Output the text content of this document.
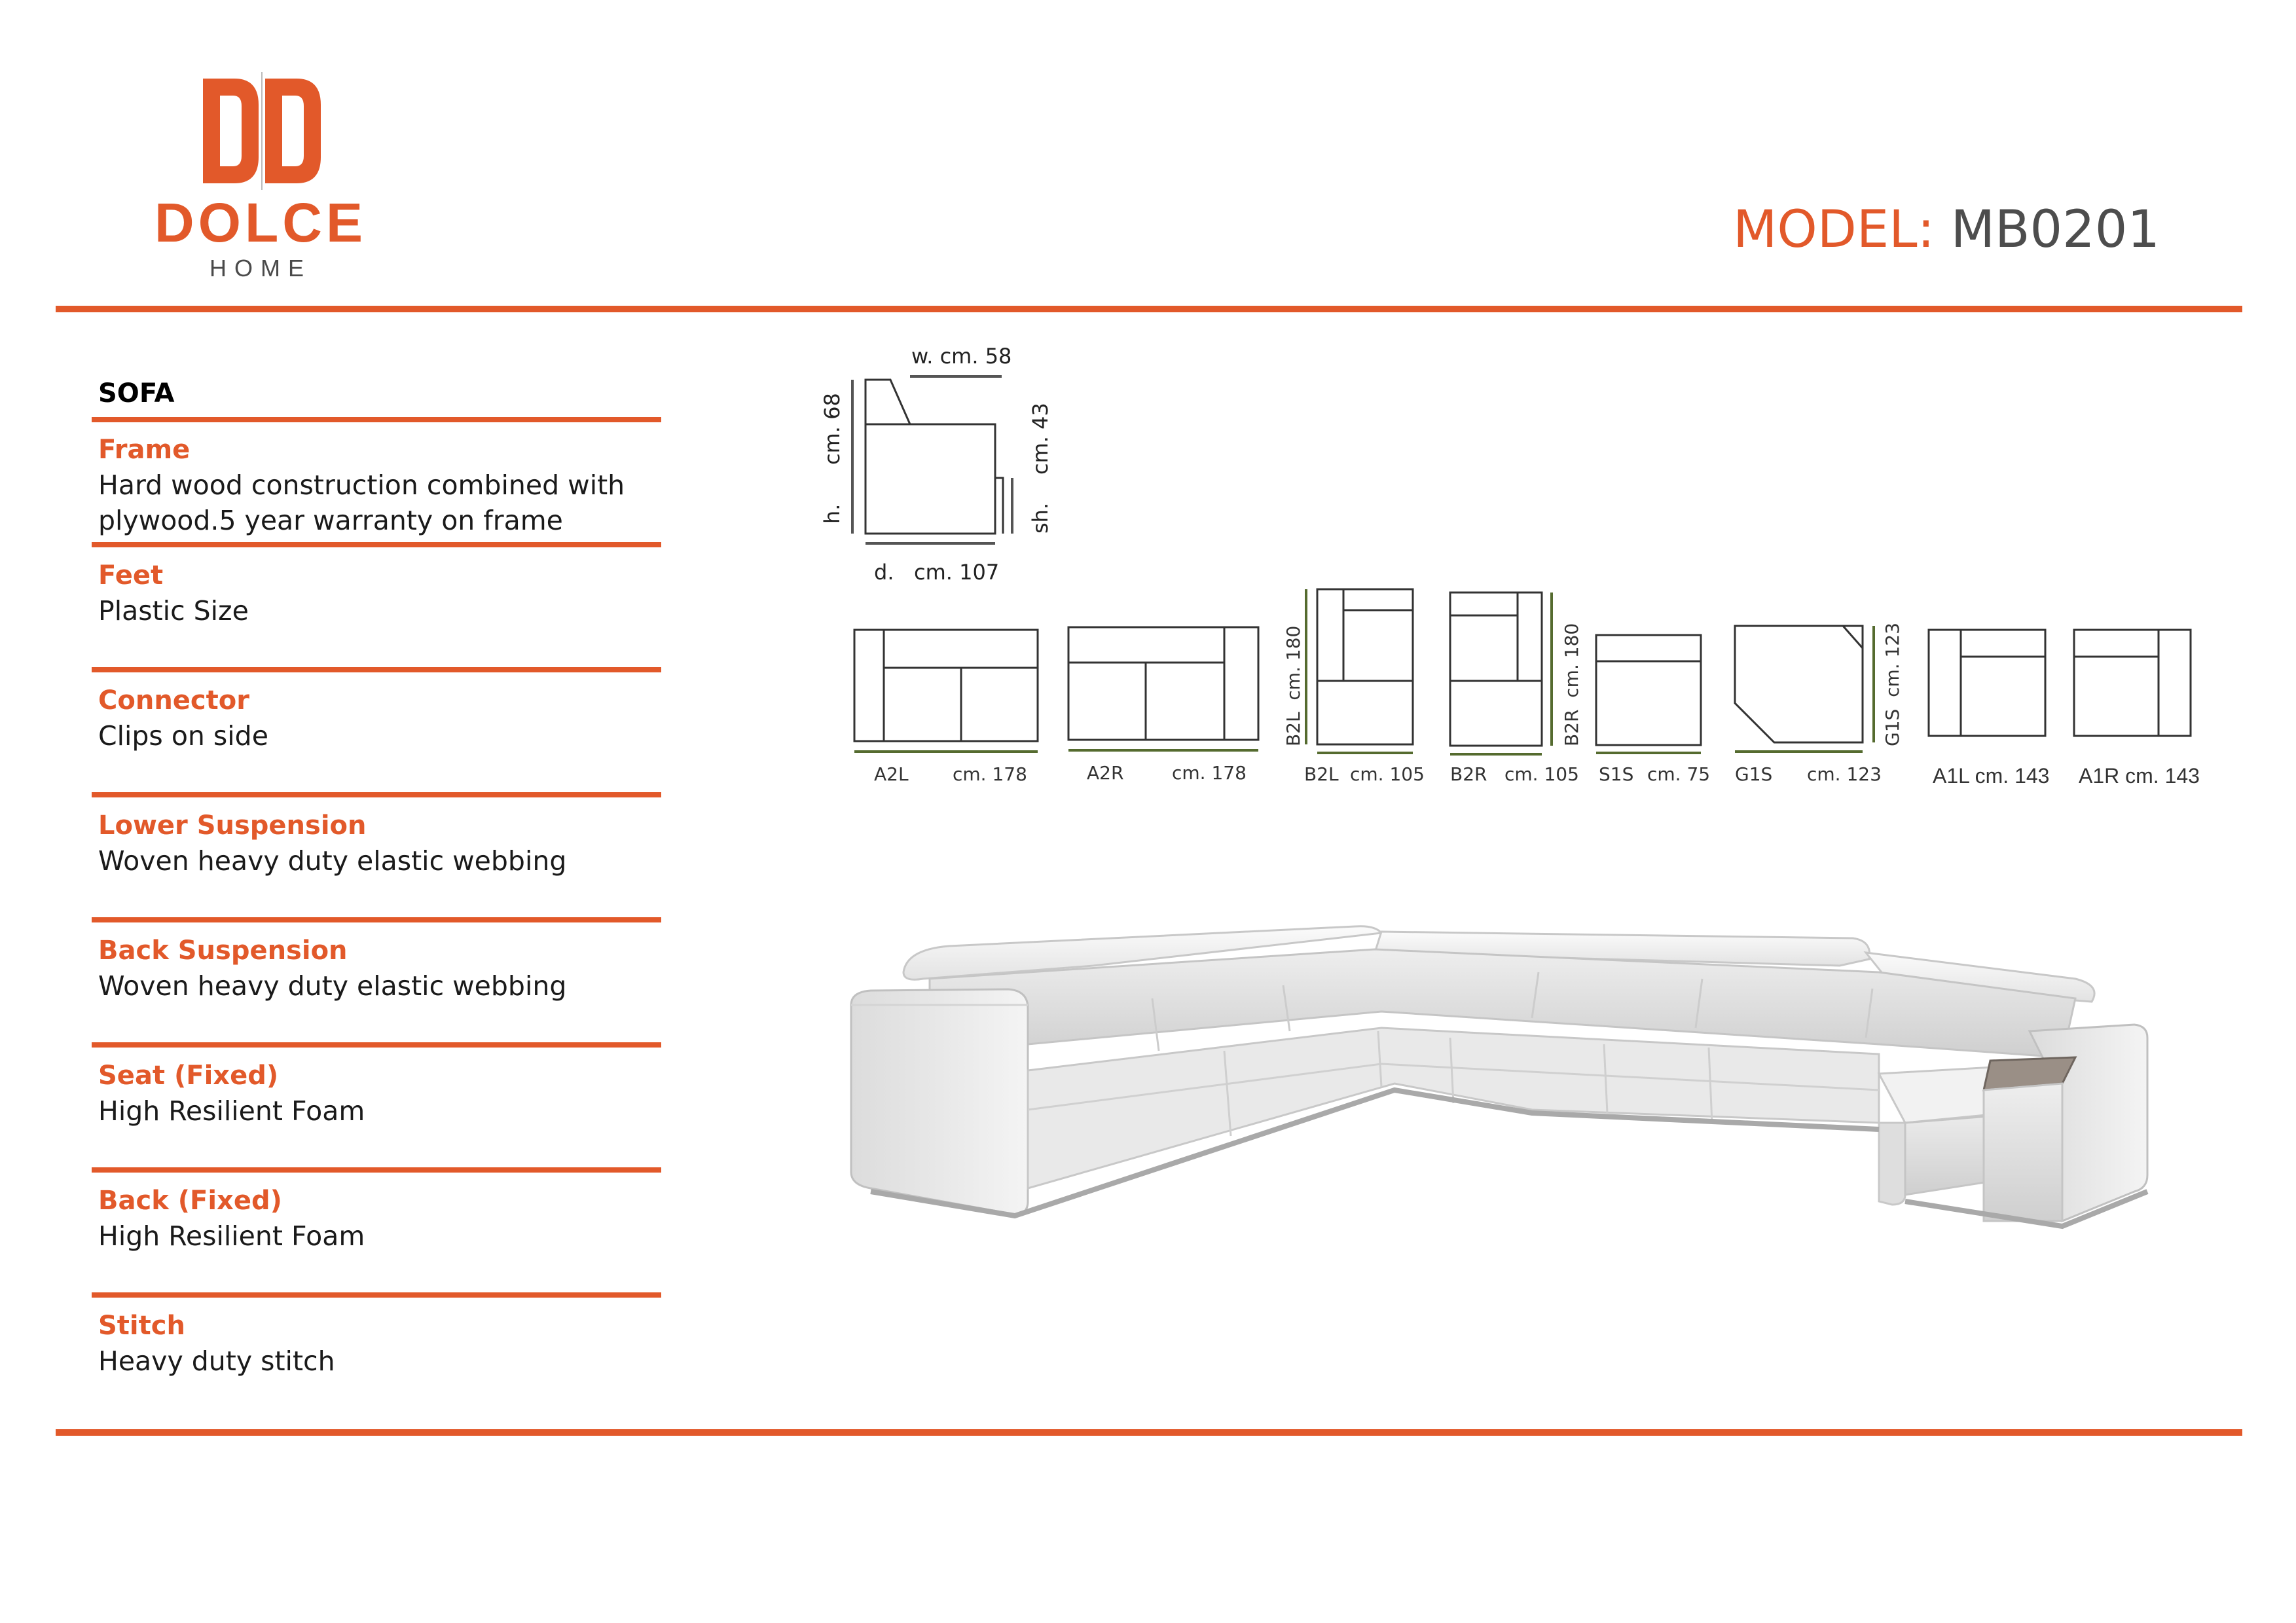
DOLCE
HOME
MODEL: MB0201
SOFA
Frame
Hard wood construction combined with plywood.5 year warranty on frame
Feet
Plastic Size
Connector
Clips on side
Lower Suspension
Woven heavy duty elastic webbing
Back Suspension
Woven heavy duty elastic webbing
Seat (Fixed)
High Resilient Foam
Back (Fixed)
High Resilient Foam
Stitch
Heavy duty stitch
w. cm. 58
h.
cm. 68
sh.
cm. 43
d.   cm. 107
A2L cm. 178	A2R	cm. 178	B2L cm. 105
B2L  cm. 180
B2R cm. 105
B2R  cm. 180
S1S cm. 75 G1S cm. 123
G1S  cm. 123
A1L cm. 143 A1R cm. 143
